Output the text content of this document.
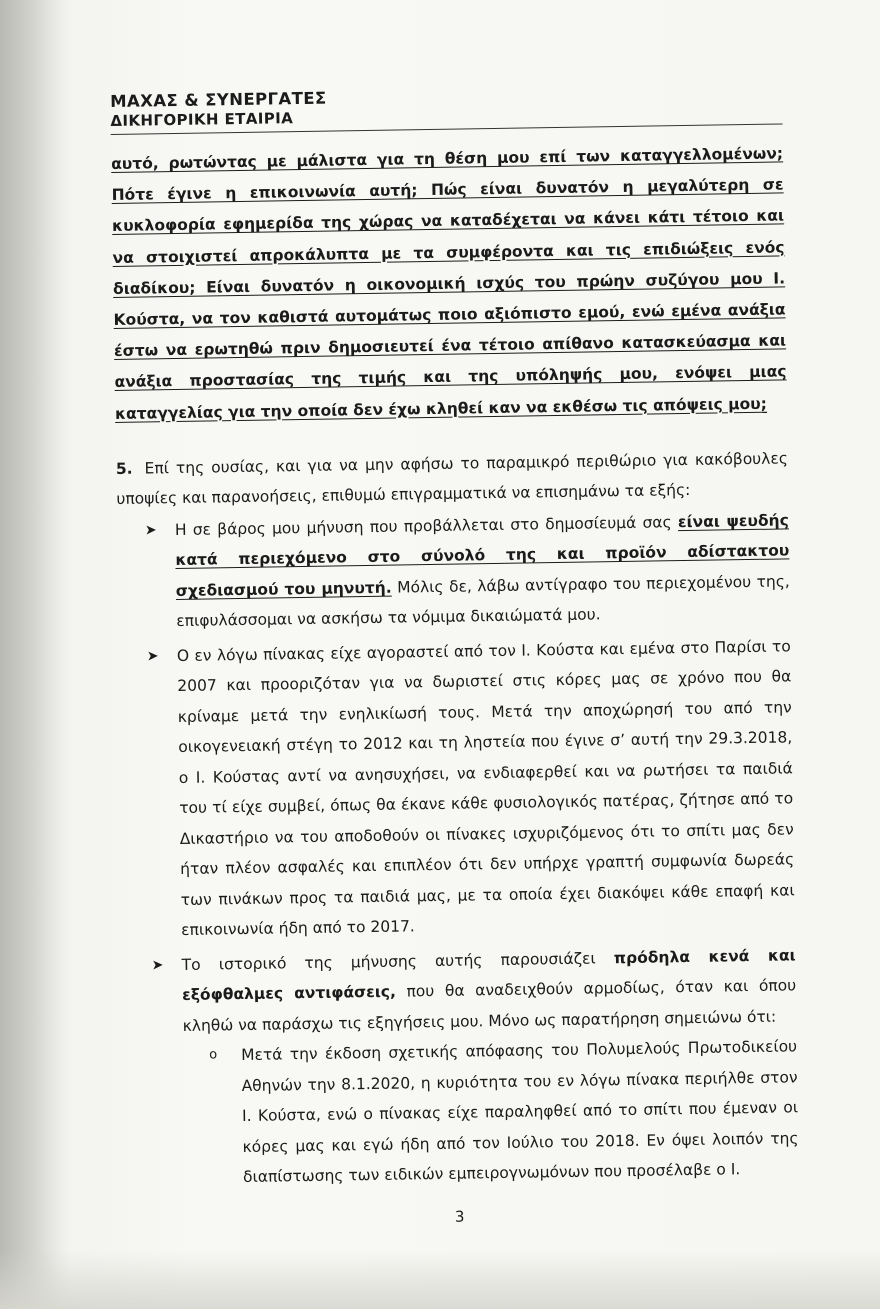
ΜΑΧΑΣ & ΣΥΝΕΡΓΑΤΕΣ
ΔΙΚΗΓΟΡΙΚΗ ΕΤΑΙΡΙΑ
αυτό, ρωτώντας με μάλιστα για τη θέση μου επί των καταγγελλομένων; Πότε έγινε η επικοινωνία αυτή; Πώς είναι δυνατόν η μεγαλύτερη σε κυκλοφορία εφημερίδα της χώρας να καταδέχεται να κάνει κάτι τέτοιο και να στοιχιστεί απροκάλυπτα με τα συμφέροντα και τις επιδιώξεις ενός διαδίκου; Είναι δυνατόν η οικονομική ισχύς του πρώην συζύγου μου Ι. Κούστα, να τον καθιστά αυτομάτως ποιο αξιόπιστο εμού, ενώ εμένα ανάξια έστω να ερωτηθώ πριν δημοσιευτεί ένα τέτοιο απίθανο κατασκεύασμα και ανάξια προστασίας της τιμής και της υπόληψής μου, ενόψει μιας καταγγελίας για την οποία δεν έχω κληθεί καν να εκθέσω τις απόψεις μου;
5. Επί της ουσίας, και για να μην αφήσω το παραμικρό περιθώριο για κακόβουλες υποψίες και παρανοήσεις, επιθυμώ επιγραμματικά να επισημάνω τα εξής:
➤ Η σε βάρος μου μήνυση που προβάλλεται στο δημοσίευμά σας είναι ψευδής κατά περιεχόμενο στο σύνολό της και προϊόν αδίστακτου σχεδιασμού του μηνυτή. Μόλις δε, λάβω αντίγραφο του περιεχομένου της, επιφυλάσσομαι να ασκήσω τα νόμιμα δικαιώματά μου.
➤ Ο εν λόγω πίνακας είχε αγοραστεί από τον Ι. Κούστα και εμένα στο Παρίσι το 2007 και προοριζόταν για να δωριστεί στις κόρες μας σε χρόνο που θα κρίναμε μετά την ενηλικίωσή τους. Μετά την αποχώρησή του από την οικογενειακή στέγη το 2012 και τη ληστεία που έγινε σ’ αυτή την 29.3.2018, ο Ι. Κούστας αντί να ανησυχήσει, να ενδιαφερθεί και να ρωτήσει τα παιδιά του τί είχε συμβεί, όπως θα έκανε κάθε φυσιολογικός πατέρας, ζήτησε από το Δικαστήριο να του αποδοθούν οι πίνακες ισχυριζόμενος ότι το σπίτι μας δεν ήταν πλέον ασφαλές και επιπλέον ότι δεν υπήρχε γραπτή συμφωνία δωρεάς των πινάκων προς τα παιδιά μας, με τα οποία έχει διακόψει κάθε επαφή και επικοινωνία ήδη από το 2017.
➤ Το ιστορικό της μήνυσης αυτής παρουσιάζει πρόδηλα κενά και εξόφθαλμες αντιφάσεις, που θα αναδειχθούν αρμοδίως, όταν και όπου κληθώ να παράσχω τις εξηγήσεις μου. Μόνο ως παρατήρηση σημειώνω ότι:
o Μετά την έκδοση σχετικής απόφασης του Πολυμελούς Πρωτοδικείου Αθηνών την 8.1.2020, η κυριότητα του εν λόγω πίνακα περιήλθε στον Ι. Κούστα, ενώ ο πίνακας είχε παραληφθεί από το σπίτι που έμεναν οι κόρες μας και εγώ ήδη από τον Ιούλιο του 2018. Εν όψει λοιπόν της διαπίστωσης των ειδικών εμπειρογνωμόνων που προσέλαβε ο Ι.
3
